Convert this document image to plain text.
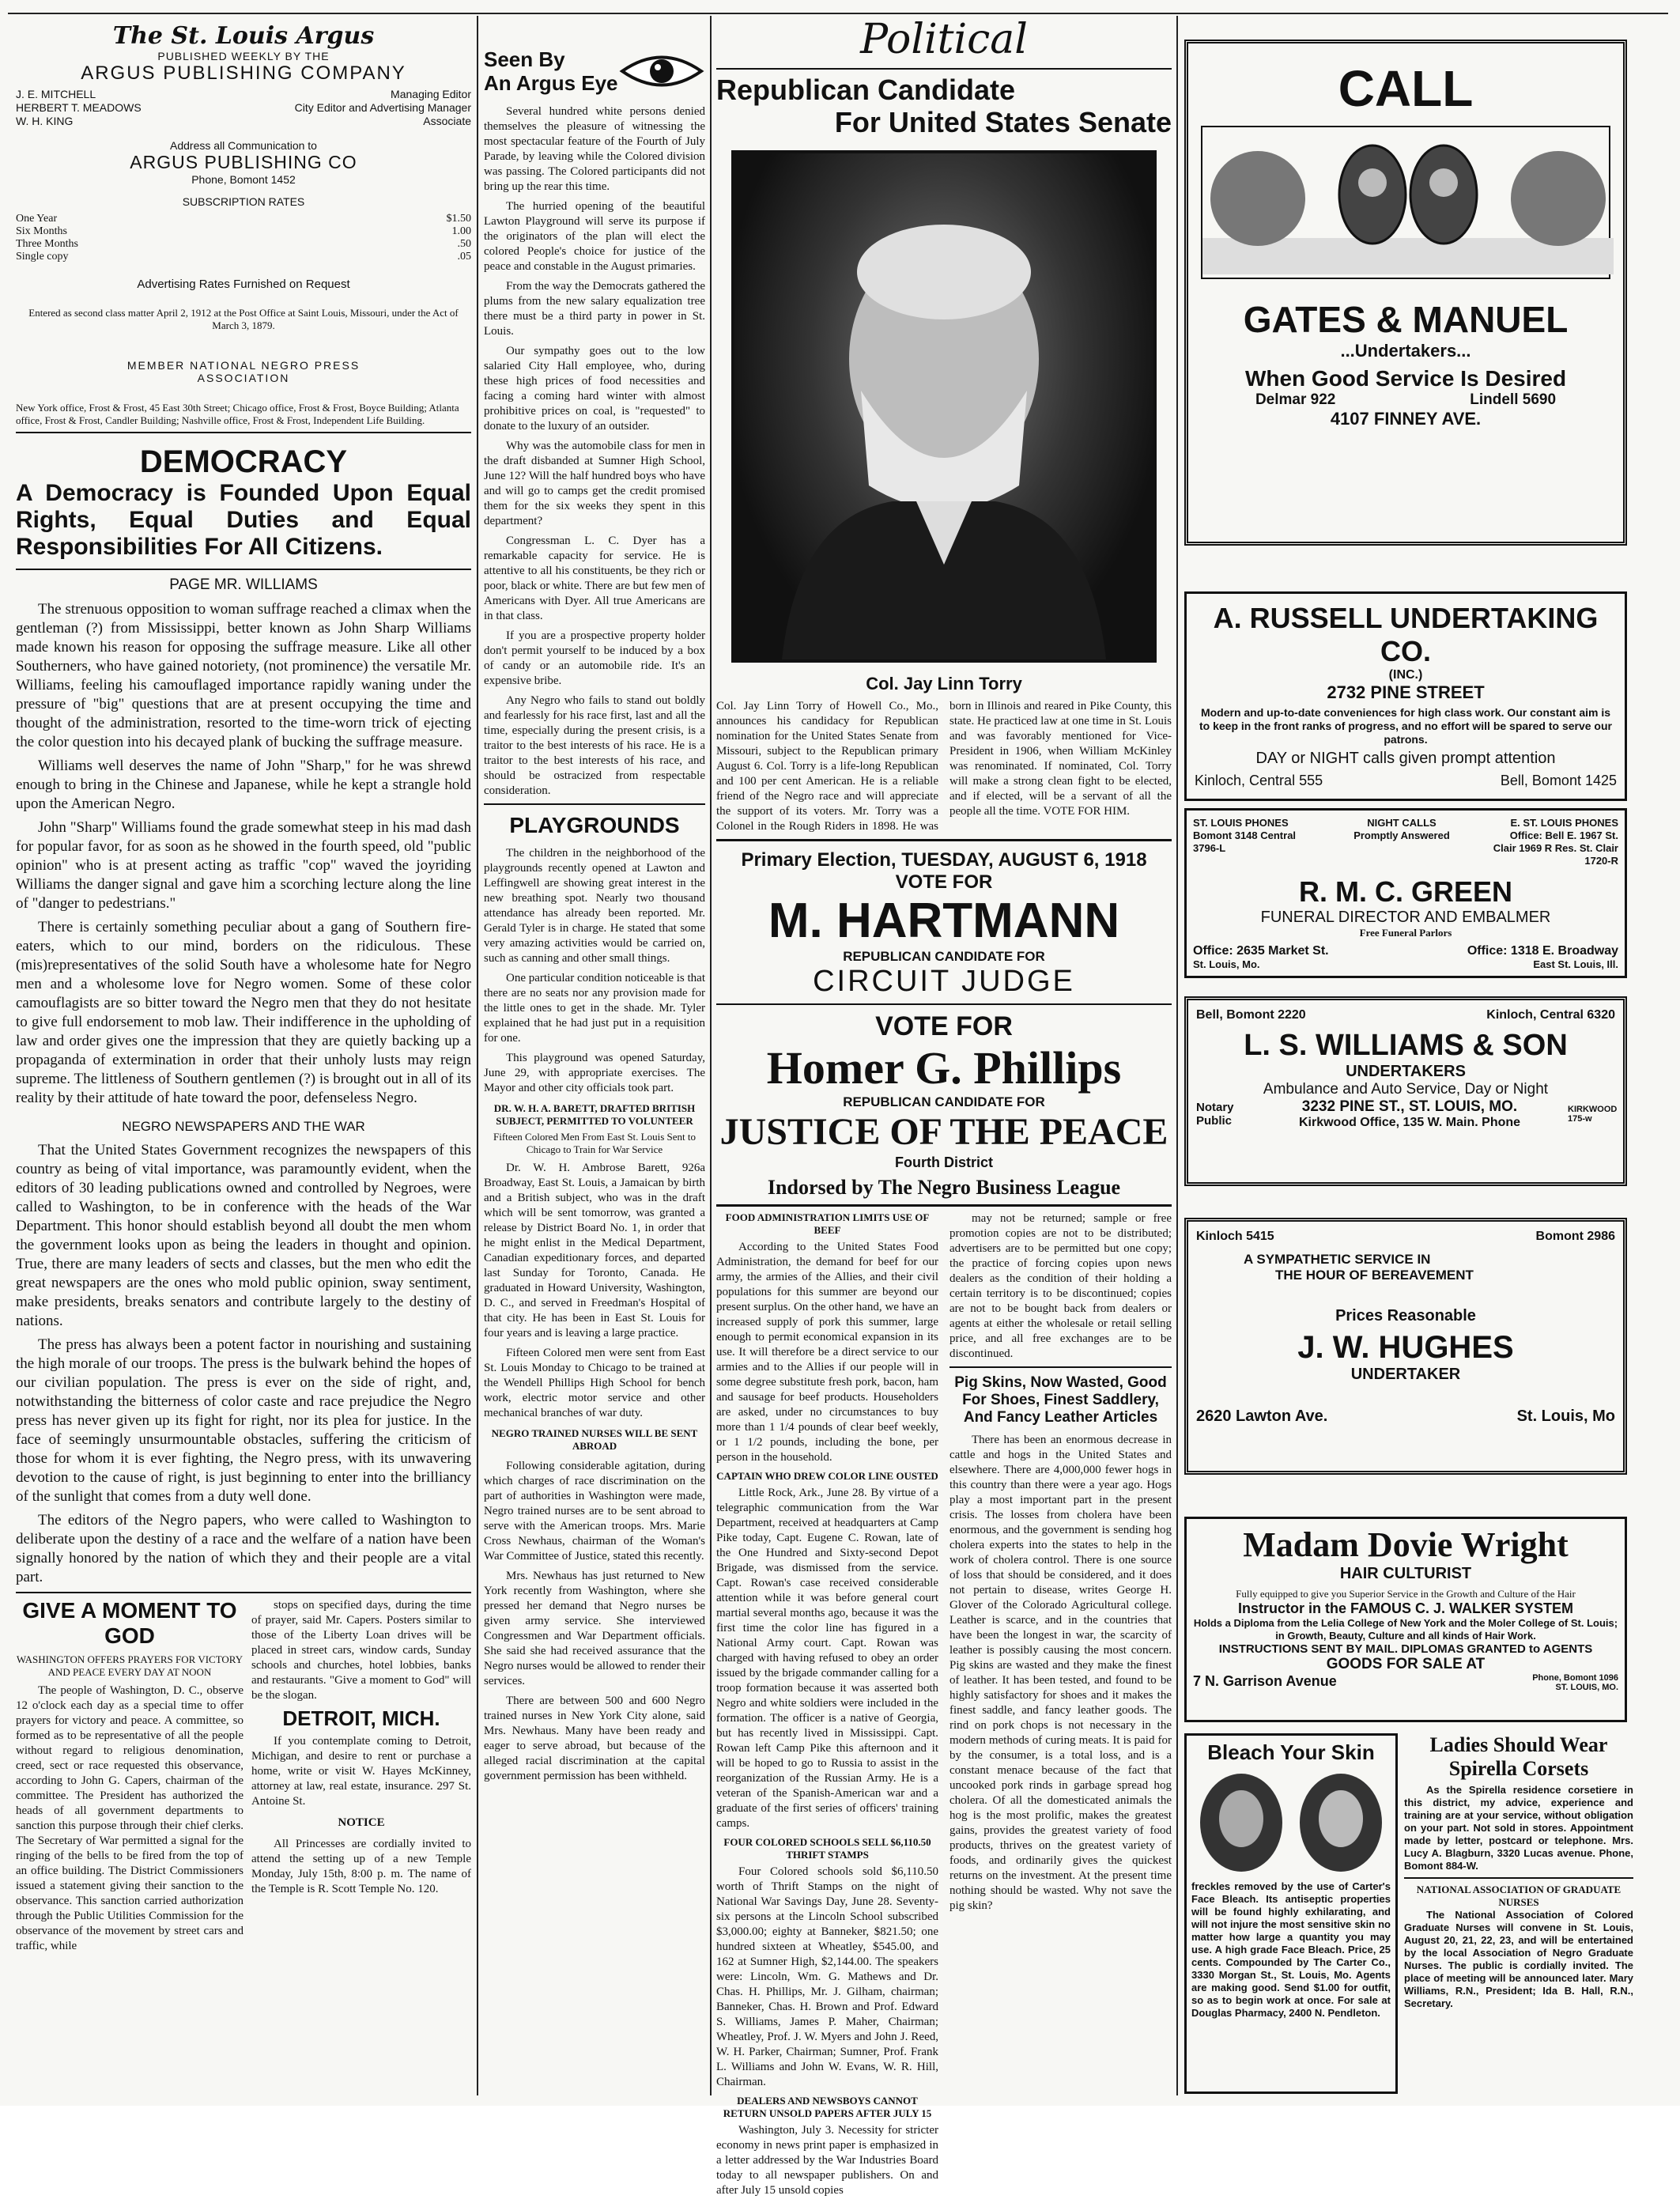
The St. Louis Argus
PUBLISHED WEEKLY BY THE
ARGUS PUBLISHING COMPANY
J. E. MITCHELL	Managing Editor
HERBERT T. MEADOWS	City Editor and Advertising Manager
W. H. KING	Associate
Address all Communication to
ARGUS PUBLISHING CO
Phone, Bomont 1452
SUBSCRIPTION RATES
One Year	$1.50
Six Months	1.00
Three Months	.50
Single copy	.05
Advertising Rates Furnished on Request
Entered as second class matter April 2, 1912 at the Post Office at Saint Louis, Missouri, under the Act of March 3, 1879.
MEMBER NATIONAL NEGRO PRESS ASSOCIATION
New York office, Frost & Frost, 45 East 30th Street; Chicago office, Frost & Frost, Boyce Building; Atlanta office, Frost & Frost, Candler Building; Nashville office, Frost & Frost, Independent Life Building.
DEMOCRACY
A Democracy is Founded Upon Equal Rights, Equal Duties and Equal Responsibilities For All Citizens.
PAGE MR. WILLIAMS

The strenuous opposition to woman suffrage reached a climax when the gentleman (?) from Mississippi, better known as John Sharp Williams made known his reason for opposing the suffrage measure. Like all other Southerners, who have gained notoriety, (not prominence) the versatile Mr. Williams, feeling his camouflaged importance rapidly waning under the pressure of "big" questions that are at present occupying the time and thought of the administration, resorted to the time-worn trick of ejecting the color question into his decayed plank of bucking the suffrage measure.

Williams well deserves the name of John "Sharp," for he was shrewd enough to bring in the Chinese and Japanese, while he kept a strangle hold upon the American Negro.

John "Sharp" Williams found the grade somewhat steep in his mad dash for popular favor, for as soon as he showed in the fourth speed, old "public opinion" who is at present acting as traffic "cop" waved the joyriding Williams the danger signal and gave him a scorching lecture along the line of "danger to pedestrians."

There is certainly something peculiar about a gang of Southern fire-eaters, which to our mind, borders on the ridiculous. These (mis)representatives of the solid South have a wholesome hate for Negro men and a wholesome love for Negro women. Some of these color camouflagists are so bitter toward the Negro men that they do not hesitate to give full endorsement to mob law. Their indifference in the upholding of law and order gives one the impression that they are quietly backing up a propaganda of extermination in order that their unholy lusts may reign supreme. The littleness of Southern gentlemen (?) is brought out in all of its reality by their attitude of hate toward the poor, defenseless Negro.

NEGRO NEWSPAPERS AND THE WAR

That the United States Government recognizes the newspapers of this country as being of vital importance, was paramountly evident, when the editors of 30 leading publications owned and controlled by Negroes, were called to Washington, to be in conference with the heads of the War Department. This honor should establish beyond all doubt the men whom the government looks upon as being the leaders in thought and opinion. True, there are many leaders of sects and classes, but the men who edit the great newspapers are the ones who mold public opinion, sway sentiment, make presidents, breaks senators and contribute largely to the destiny of nations.

The press has always been a potent factor in nourishing and sustaining the high morale of our troops. The press is the bulwark behind the hopes of our civilian population. The press is ever on the side of right, and, notwithstanding the bitterness of color caste and race prejudice the Negro press has never given up its fight for right, nor its plea for justice. In the face of seemingly unsurmountable obstacles, suffering the criticism of those for whom it is ever fighting, the Negro press, with its unwavering devotion to the cause of right, is just beginning to enter into the brilliancy of the sunlight that comes from a duty well done.

The editors of the Negro papers, who were called to Washington to deliberate upon the destiny of a race and the welfare of a nation have been signally honored by the nation of which they and their people are a vital part.

GIVE A MOMENT TO GOD
WASHINGTON OFFERS PRAYERS FOR VICTORY AND PEACE EVERY DAY AT NOON

The people of Washington, D. C., observe 12 o'clock each day as a special time to offer prayers for victory and peace. A committee, so formed as to be representative of all the people without regard to religious denomination, creed, sect or race requested this observance, according to John G. Capers, chairman of the committee. The President has authorized the heads of all government departments to sanction this purpose through their chief clerks. The Secretary of War permitted a signal for the ringing of the bells to be fired from the top of an office building. The District Commissioners issued a statement giving their sanction to the observance. This sanction carried authorization through the Public Utilities Commission for the observance of the movement by street cars and traffic, while

stops on specified days, during the time of prayer, said Mr. Capers. Posters similar to those of the Liberty Loan drives will be placed in street cars, window cards, Sunday schools and churches, hotel lobbies, banks and restaurants. "Give a moment to God" will be the slogan.

DETROIT, MICH.

If you contemplate coming to Detroit, Michigan, and desire to rent or purchase a home, write or visit W. Hayes McKinney, attorney at law, real estate, insurance. 297 St. Antoine St.

NOTICE

All Princesses are cordially invited to attend the setting up of a new Temple Monday, July 15th, 8:00 p. m. The name of the Temple is R. Scott Temple No. 120.

Seen By
An Argus Eye

Several hundred white persons denied themselves the pleasure of witnessing the most spectacular feature of the Fourth of July Parade, by leaving while the Colored division was passing. The Colored participants did not bring up the rear this time.

The hurried opening of the beautiful Lawton Playground will serve its purpose if the originators of the plan will elect the colored People's choice for justice of the peace and constable in the August primaries.

From the way the Democrats gathered the plums from the new salary equalization tree there must be a third party in power in St. Louis.

Our sympathy goes out to the low salaried City Hall employee, who, during these high prices of food necessities and facing a coming hard winter with almost prohibitive prices on coal, is "requested" to donate to the luxury of an outsider.

Why was the automobile class for men in the draft disbanded at Sumner High School, June 12? Will the half hundred boys who have and will go to camps get the credit promised them for the six weeks they spent in this department?

Congressman L. C. Dyer has a remarkable capacity for service. He is attentive to all his constituents, be they rich or poor, black or white. There are but few men of Americans with Dyer. All true Americans are in that class.

If you are a prospective property holder don't permit yourself to be induced by a box of candy or an automobile ride. It's an expensive bribe.

Any Negro who fails to stand out boldly and fearlessly for his race first, last and all the time, especially during the present crisis, is a traitor to the best interests of his race. He is a traitor to the best interests of his race, and should be ostracized from respectable consideration.

PLAYGROUNDS

The children in the neighborhood of the playgrounds recently opened at Lawton and Leffingwell are showing great interest in the new breathing spot. Nearly two thousand attendance has already been reported. Mr. Gerald Tyler is in charge. He stated that some very amazing activities would be carried on, such as canning and other small things.

One particular condition noticeable is that there are no seats nor any provision made for the little ones to get in the shade. Mr. Tyler explained that he had just put in a requisition for one.

This playground was opened Saturday, June 29, with appropriate exercises. The Mayor and other city officials took part.

DR. W. H. A. BARETT, DRAFTED BRITISH SUBJECT, PERMITTED TO VOLUNTEER
Fifteen Colored Men From East St. Louis Sent to Chicago to Train for War Service

Dr. W. H. Ambrose Barett, 926a Broadway, East St. Louis, a Jamaican by birth and a British subject, who was in the draft which will be sent tomorrow, was granted a release by District Board No. 1, in order that he might enlist in the Medical Department, Canadian expeditionary forces, and departed last Sunday for Toronto, Canada. He graduated in Howard University, Washington, D. C., and served in Freedman's Hospital of that city. He has been in East St. Louis for four years and is leaving a large practice.

Fifteen Colored men were sent from East St. Louis Monday to Chicago to be trained at the Wendell Phillips High School for bench work, electric motor service and other mechanical branches of war duty.

NEGRO TRAINED NURSES WILL BE SENT ABROAD

Following considerable agitation, during which charges of race discrimination on the part of authorities in Washington were made, Negro trained nurses are to be sent abroad to serve with the American troops. Mrs. Marie Cross Newhaus, chairman of the Woman's War Committee of Justice, stated this recently.

Mrs. Newhaus has just returned to New York recently from Washington, where she pressed her demand that Negro nurses be given army service. She interviewed Congressmen and War Department officials. She said she had received assurance that the Negro nurses would be allowed to render their services.

There are between 500 and 600 Negro trained nurses in New York City alone, said Mrs. Newhaus. Many have been ready and eager to serve abroad, but because of the alleged racial discrimination at the capital government permission has been withheld.

Political
Republican Candidate
For United States Senate
Col. Jay Linn Torry

Col. Jay Linn Torry of Howell Co., Mo., announces his candidacy for Republican nomination for the United States Senate from Missouri, subject to the Republican primary August 6. Col. Torry is a life-long Republican and 100 per cent American. He is a reliable friend of the Negro race and will appreciate the support of its voters. Mr. Torry was a Colonel in the Rough Riders in 1898. He was born in Illinois and reared in Pike County, this state. He practiced law at one time in St. Louis and was favorably mentioned for Vice-President in 1906, when William McKinley was renominated. If nominated, Col. Torry will make a strong clean fight to be elected, and if elected, will be a servant of all the people all the time. VOTE FOR HIM.

Primary Election, TUESDAY, AUGUST 6, 1918
VOTE FOR
M. HARTMANN
REPUBLICAN CANDIDATE FOR
CIRCUIT JUDGE
VOTE FOR
Homer G. Phillips
REPUBLICAN CANDIDATE FOR
JUSTICE OF THE PEACE
Fourth District
Indorsed by The Negro Business League
FOOD ADMINISTRATION LIMITS USE OF BEEF

According to the United States Food Administration, the demand for beef for our army, the armies of the Allies, and their civil populations for this summer are beyond our present surplus. On the other hand, we have an increased supply of pork this summer, large enough to permit economical expansion in its use. It will therefore be a direct service to our armies and to the Allies if our people will in some degree substitute fresh pork, bacon, ham and sausage for beef products. Householders are asked, under no circumstances to buy more than 1 1/4 pounds of clear beef weekly, or 1 1/2 pounds, including the bone, per person in the household.

CAPTAIN WHO DREW COLOR LINE OUSTED

Little Rock, Ark., June 28. By virtue of a telegraphic communication from the War Department, received at headquarters at Camp Pike today, Capt. Eugene C. Rowan, late of the One Hundred and Sixty-second Depot Brigade, was dismissed from the service. Capt. Rowan's case received considerable attention while it was before general court martial several months ago, because it was the first time the color line has figured in a National Army court. Capt. Rowan was charged with having refused to obey an order issued by the brigade commander calling for a troop formation because it was asserted both Negro and white soldiers were included in the formation. The officer is a native of Georgia, but has recently lived in Mississippi. Capt. Rowan left Camp Pike this afternoon and it will be hoped to go to Russia to assist in the reorganization of the Russian Army. He is a veteran of the Spanish-American war and a graduate of the first series of officers' training camps.

FOUR COLORED SCHOOLS SELL $6,110.50 THRIFT STAMPS

Four Colored schools sold $6,110.50 worth of Thrift Stamps on the night of National War Savings Day, June 28. Seventy-six persons at the Lincoln School subscribed $3,000.00; eighty at Banneker, $821.50; one hundred sixteen at Wheatley, $545.00, and 162 at Sumner High, $2,144.00. The speakers were: Lincoln, Wm. G. Mathews and Dr. Chas. H. Phillips, Mr. J. Gilham, chairman; Banneker, Chas. H. Brown and Prof. Edward S. Williams, James P. Maher, Chairman; Wheatley, Prof. J. W. Myers and John J. Reed, W. H. Parker, Chairman; Sumner, Prof. Frank L. Williams and John W. Evans, W. R. Hill, Chairman.

DEALERS AND NEWSBOYS CANNOT RETURN UNSOLD PAPERS AFTER JULY 15

Washington, July 3. Necessity for stricter economy in news print paper is emphasized in a letter addressed by the War Industries Board today to all newspaper publishers. On and after July 15 unsold copies

may not be returned; sample or free promotion copies are not to be distributed; advertisers are to be permitted but one copy; the practice of forcing copies upon news dealers as the condition of their holding a certain territory is to be discontinued; copies are not to be bought back from dealers or agents at either the wholesale or retail selling price, and all free exchanges are to be discontinued.

Pig Skins, Now Wasted, Good For Shoes, Finest Saddlery, And Fancy Leather Articles

There has been an enormous decrease in cattle and hogs in the United States and elsewhere. There are 4,000,000 fewer hogs in this country than there were a year ago. Hogs play a most important part in the present crisis. The losses from cholera have been enormous, and the government is sending hog cholera experts into the states to help in the work of cholera control. There is one source of loss that should be considered, and it does not pertain to disease, writes George H. Glover of the Colorado Agricultural college. Leather is scarce, and in the countries that have been the longest in war, the scarcity of leather is possibly causing the most concern. Pig skins are wasted and they make the finest of leather. It has been tested, and found to be highly satisfactory for shoes and it makes the finest saddle, and fancy leather goods. The rind on pork chops is not necessary in the modern methods of curing meats. It is paid for by the consumer, is a total loss, and is a constant menace because of the fact that uncooked pork rinds in garbage spread hog cholera. Of all the domesticated animals the hog is the most prolific, makes the greatest gains, provides the greatest variety of food products, thrives on the greatest variety of foods, and ordinarily gives the quickest returns on the investment. At the present time nothing should be wasted. Why not save the pig skin?

CALL
GATES & MANUEL
...Undertakers...
When Good Service Is Desired
Delmar 922	Lindell 5690
4107 FINNEY AVE.
A. RUSSELL UNDERTAKING CO.
(INC.)
2732 PINE STREET
Modern and up-to-date conveniences for high class work. Our constant aim is to keep in the front ranks of progress, and no effort will be spared to serve our patrons.
DAY or NIGHT calls given prompt attention
Kinloch, Central 555	Bell, Bomont 1425
ST. LOUIS PHONES Bomont 3148 Central 3796-L
NIGHT CALLS Promptly Answered
E. ST. LOUIS PHONES Office: Bell E. 1967 St. Clair 1969 R Res. St. Clair 1720-R
R. M. C. GREEN
FUNERAL DIRECTOR AND EMBALMER
Free Funeral Parlors
Office: 2635 Market St.
St. Louis, Mo.
Office: 1318 E. Broadway
East St. Louis, Ill.
Bell, Bomont 2220	Kinloch, Central 6320
L. S. WILLIAMS & SON
UNDERTAKERS
Ambulance and Auto Service, Day or Night
Notary Public
3232 PINE ST., ST. LOUIS, MO.
Kirkwood Office, 135 W. Main. Phone
KIRKWOOD 175-w
Kinloch 5415	Bomont 2986
A SYMPATHETIC SERVICE IN
THE HOUR OF BEREAVEMENT
Prices Reasonable
J. W. HUGHES
UNDERTAKER
2620 Lawton Ave.	St. Louis, Mo
Madam Dovie Wright
HAIR CULTURIST
Fully equipped to give you Superior Service in the Growth and Culture of the Hair
Instructor in the FAMOUS C. J. WALKER SYSTEM
Holds a Diploma from the Lelia College of New York and the Moler College of St. Louis; in Growth, Beauty, Culture and all kinds of Hair Work.
INSTRUCTIONS SENT BY MAIL. DIPLOMAS GRANTED to AGENTS
GOODS FOR SALE AT
7 N. Garrison Avenue	Phone, Bomont 1096 ST. LOUIS, MO.
Bleach Your Skin

freckles removed by the use of Carter's Face Bleach. Its antiseptic properties will be found highly exhilarating, and will not injure the most sensitive skin no matter how large a quantity you may use. A high grade Face Bleach. Price, 25 cents. Compounded by The Carter Co., 3330 Morgan St., St. Louis, Mo. Agents are making good. Send $1.00 for outfit, so as to begin work at once. For sale at Douglas Pharmacy, 2400 N. Pendleton.

Ladies Should Wear Spirella Corsets

As the Spirella residence corsetiere in this district, my advice, experience and training are at your service, without obligation on your part. Not sold in stores. Appointment made by letter, postcard or telephone. Mrs. Lucy A. Blagburn, 3320 Lucas avenue. Phone, Bomont 884-W.

NATIONAL ASSOCIATION OF GRADUATE NURSES

The National Association of Colored Graduate Nurses will convene in St. Louis, August 20, 21, 22, 23, and will be entertained by the local Association of Negro Graduate Nurses. The public is cordially invited. The place of meeting will be announced later. Mary Williams, R.N., President; Ida B. Hall, R.N., Secretary.
